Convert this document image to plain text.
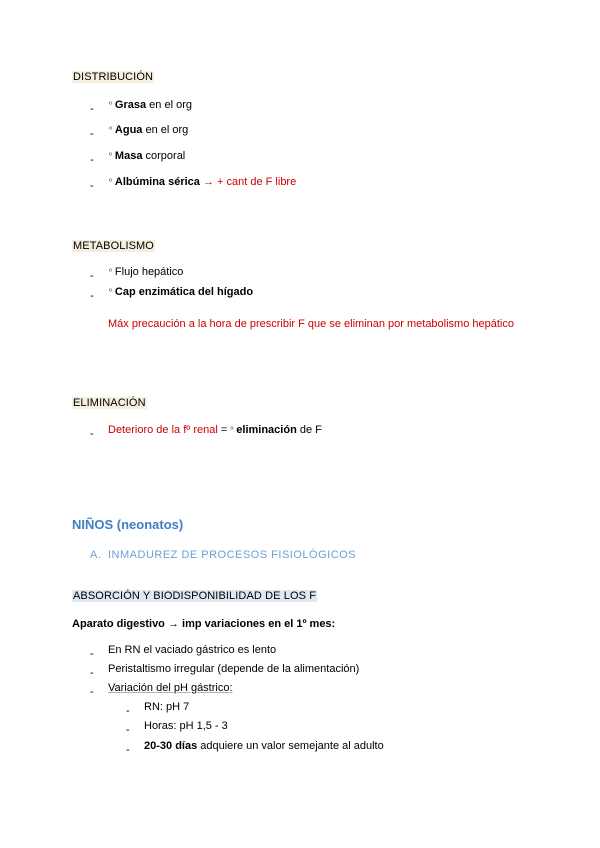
DISTRIBUCIÓN
- º Grasa en el org
- º Agua en el org
- º Masa corporal
- º Albúmina sérica → + cant de F libre
METABOLISMO
- º Flujo hepático
- º Cap enzimática del hígado
Máx precaución a la hora de prescribir F que se eliminan por metabolismo hepático
ELIMINACIÓN
- Deterioro de la fº renal = º eliminación de F
NIÑOS (neonatos)
A. INMADUREZ DE PROCESOS FISIOLÓGICOS
ABSORCIÓN Y BIODISPONIBILIDAD DE LOS F
Aparato digestivo → imp variaciones en el 1º mes:
- En RN el vaciado gástrico es lento
- Peristaltismo irregular (depende de la alimentación)
- Variación del pH gástrico:
- RN: pH 7
- Horas: pH 1,5 - 3
- 20-30 días adquiere un valor semejante al adulto
